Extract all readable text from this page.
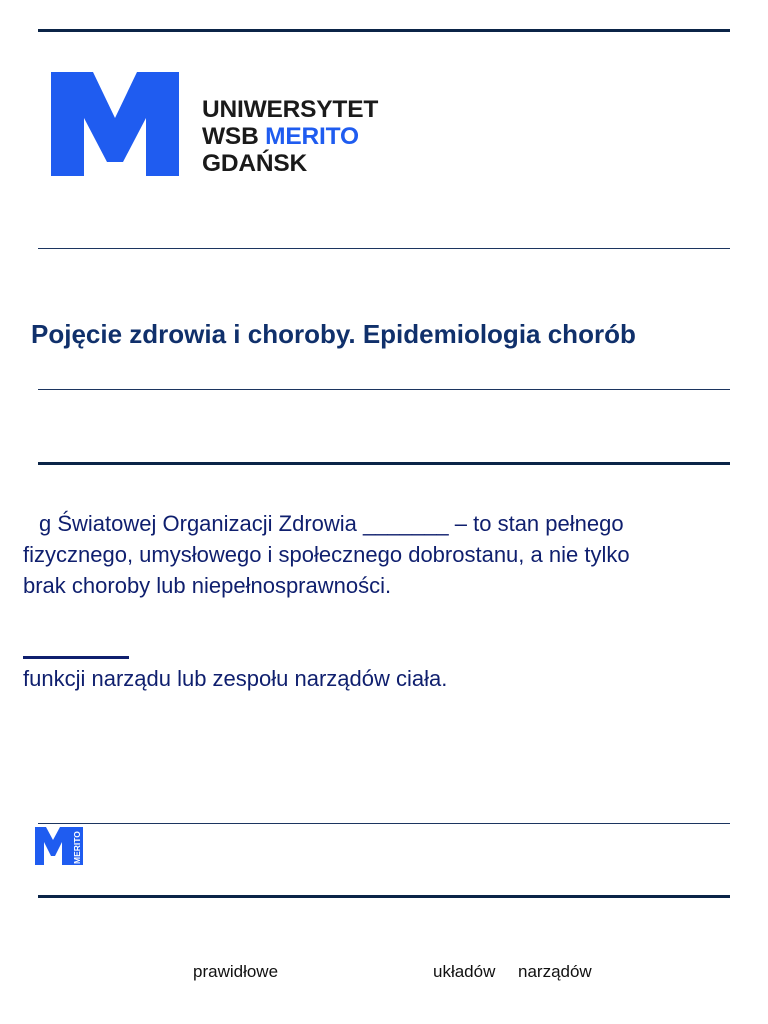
UNIWERSYTET
WSB MERITO
GDAŃSK
Pojęcie zdrowia i choroby. Epidemiologia chorób
g Światowej Organizacji Zdrowia _______ – to stan pełnego
fizycznego, umysłowego i społecznego dobrostanu, a nie tylko
brak choroby lub niepełnosprawności.
funkcji narządu lub zespołu narządów ciała.
MERITO
prawidłowe	układów narządów
